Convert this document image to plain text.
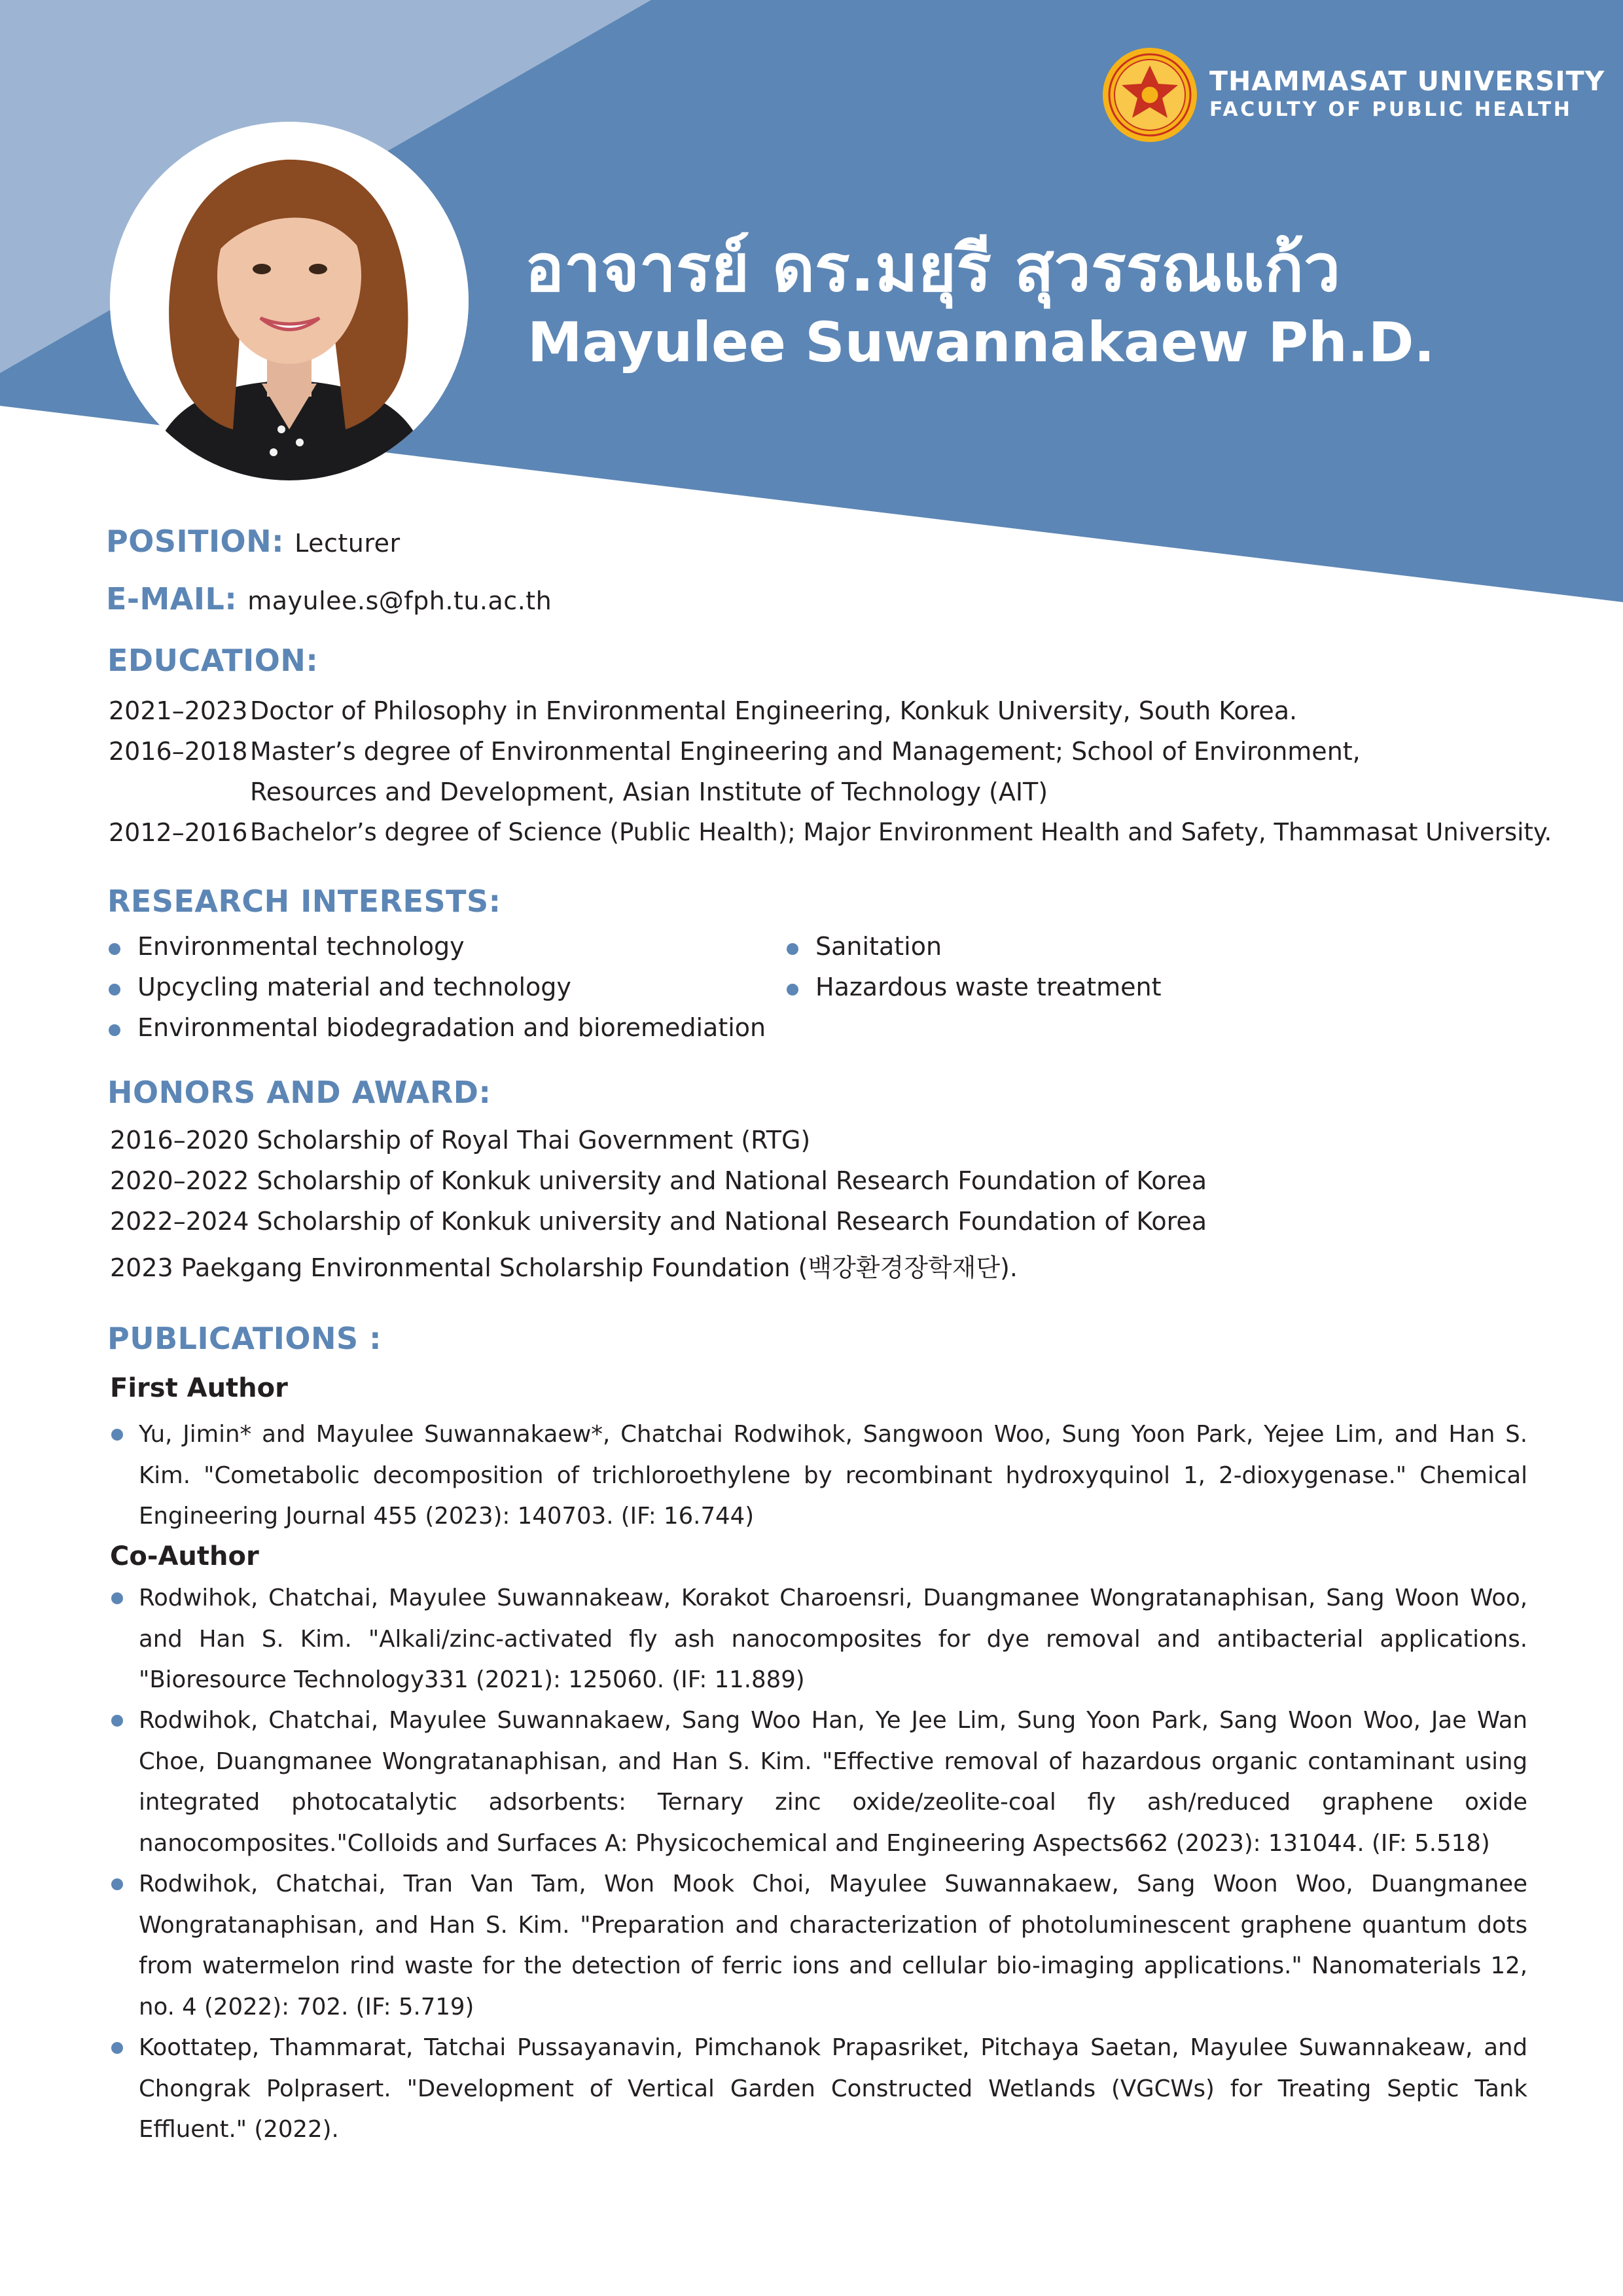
THAMMASAT UNIVERSITY
FACULTY OF PUBLIC HEALTH
อาจารย์ ดร.มยุรี สุวรรณแก้ว
Mayulee Suwannakaew Ph.D.
POSITION: Lecturer
E-MAIL: mayulee.s@fph.tu.ac.th
EDUCATION:
2021–2023 Doctor of Philosophy in Environmental Engineering, Konkuk University, South Korea.
2016–2018 Master’s degree of Environmental Engineering and Management; School of Environment,
Resources and Development, Asian Institute of Technology (AIT)
2012–2016 Bachelor’s degree of Science (Public Health); Major Environment Health and Safety, Thammasat University.
RESEARCH INTERESTS:
Environmental technology
Upcycling material and technology
Environmental biodegradation and bioremediation
Sanitation
Hazardous waste treatment
HONORS AND AWARD:
2016–2020 Scholarship of Royal Thai Government (RTG)
2020–2022 Scholarship of Konkuk university and National Research Foundation of Korea
2022–2024 Scholarship of Konkuk university and National Research Foundation of Korea
2023 Paekgang Environmental Scholarship Foundation (백강환경장학재단).
PUBLICATIONS :
First Author
Yu, Jimin* and Mayulee Suwannakaew*, Chatchai Rodwihok, Sangwoon Woo, Sung Yoon Park, Yejee Lim, and Han S. Kim. "Cometabolic decomposition of trichloroethylene by recombinant hydroxyquinol 1, 2-dioxygenase." Chemical Engineering Journal 455 (2023): 140703. (IF: 16.744)
Co-Author
Rodwihok, Chatchai, Mayulee Suwannakeaw, Korakot Charoensri, Duangmanee Wongratanaphisan, Sang Woon Woo, and Han S. Kim. "Alkali/zinc-activated fly ash nanocomposites for dye removal and antibacterial applications. "Bioresource Technology331 (2021): 125060. (IF: 11.889)
Rodwihok, Chatchai, Mayulee Suwannakaew, Sang Woo Han, Ye Jee Lim, Sung Yoon Park, Sang Woon Woo, Jae Wan Choe, Duangmanee Wongratanaphisan, and Han S. Kim. "Effective removal of hazardous organic contaminant using integrated photocatalytic adsorbents: Ternary zinc oxide/zeolite-coal fly ash/reduced graphene oxide nanocomposites."Colloids and Surfaces A: Physicochemical and Engineering Aspects662 (2023): 131044. (IF: 5.518)
Rodwihok, Chatchai, Tran Van Tam, Won Mook Choi, Mayulee Suwannakaew, Sang Woon Woo, Duangmanee Wongratanaphisan, and Han S. Kim. "Preparation and characterization of photoluminescent graphene quantum dots from watermelon rind waste for the detection of ferric ions and cellular bio-imaging applications." Nanomaterials 12, no. 4 (2022): 702. (IF: 5.719)
Koottatep, Thammarat, Tatchai Pussayanavin, Pimchanok Prapasriket, Pitchaya Saetan, Mayulee Suwannakeaw, and Chongrak Polprasert. "Development of Vertical Garden Constructed Wetlands (VGCWs) for Treating Septic Tank Effluent." (2022).
